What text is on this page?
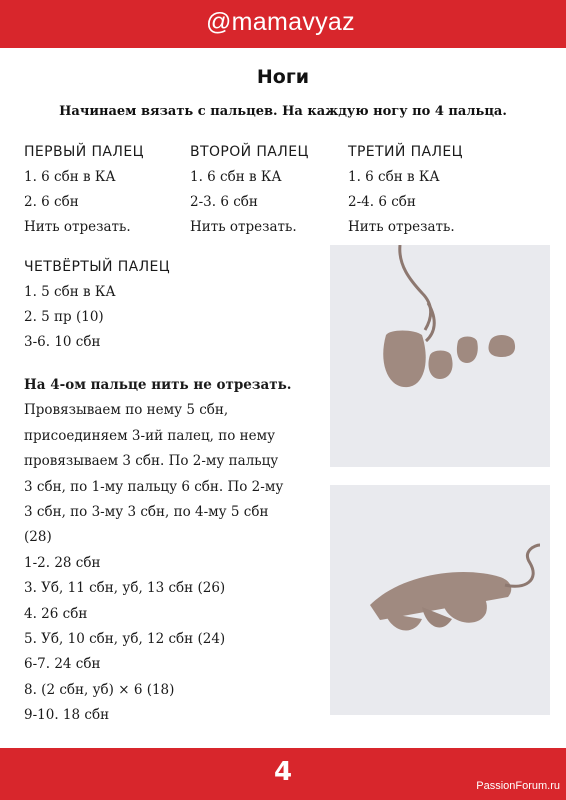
@mamavyaz
Ноги
Начинаем вязать с пальцев. На каждую ногу по 4 пальца.
ПЕРВЫЙ ПАЛЕЦ
1. 6 сбн в КА
2. 6 сбн
Нить отрезать.
ВТОРОЙ ПАЛЕЦ
1. 6 сбн в КА
2-3. 6 сбн
Нить отрезать.
ТРЕТИЙ ПАЛЕЦ
1. 6 сбн в КА
2-4. 6 сбн
Нить отрезать.
ЧЕТВЁРТЫЙ ПАЛЕЦ
1. 5 сбн в КА
2. 5 пр (10)
3-6. 10 сбн
На 4-ом пальце нить не отрезать.
Провязываем по нему 5 сбн,
присоединяем 3-ий палец, по нему
провязываем 3 сбн. По 2-му пальцу
3 сбн, по 1-му пальцу 6 сбн. По 2-му
3 сбн, по 3-му 3 сбн, по 4-му 5 сбн
(28)
1-2. 28 сбн
3. Уб, 11 сбн, уб, 13 сбн (26)
4. 26 сбн
5. Уб, 10 сбн, уб, 12 сбн (24)
6-7. 24 сбн
8. (2 сбн, уб) × 6 (18)
9-10. 18 сбн
4	PassionForum.ru
